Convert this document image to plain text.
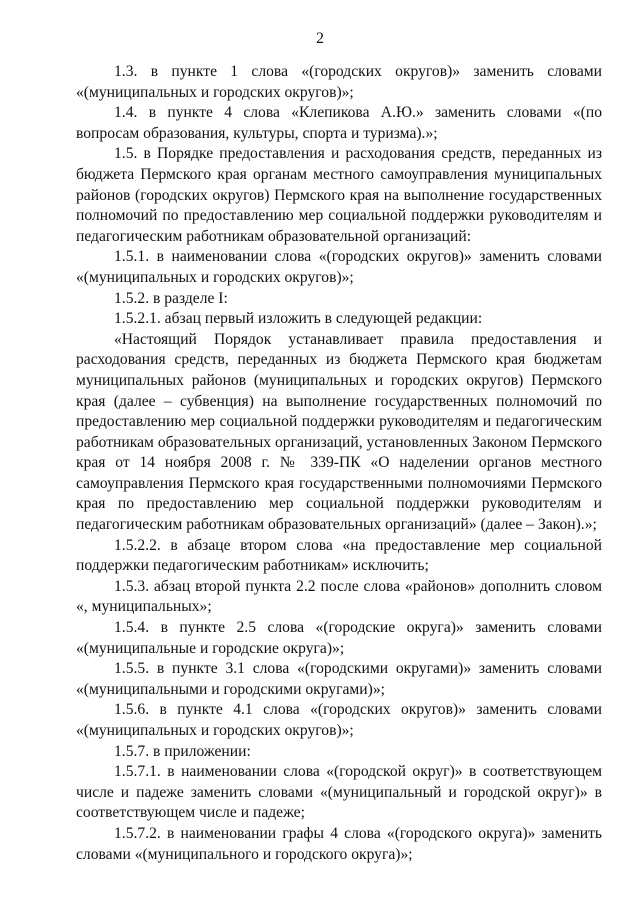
2

1.3. в пункте 1 слова «(городских округов)» заменить словами «(муниципальных и городских округов)»;

1.4. в пункте 4 слова «Клепикова А.Ю.» заменить словами «(по вопросам образования, культуры, спорта и туризма).»;

1.5. в Порядке предоставления и расходования средств, переданных из бюджета Пермского края органам местного самоуправления муниципальных районов (городских округов) Пермского края на выполнение государственных полномочий по предоставлению мер социальной поддержки руководителям и педагогическим работникам образовательной организаций:

1.5.1. в наименовании слова «(городских округов)» заменить словами «(муниципальных и городских округов)»;

1.5.2. в разделе I:

1.5.2.1. абзац первый изложить в следующей редакции:

«Настоящий Порядок устанавливает правила предоставления и расходования средств, переданных из бюджета Пермского края бюджетам муниципальных районов (муниципальных и городских округов) Пермского края (далее – субвенция) на выполнение государственных полномочий по предоставлению мер социальной поддержки руководителям и педагогическим работникам образовательных организаций, установленных Законом Пермского края от 14 ноября 2008 г. № 339-ПК «О наделении органов местного самоуправления Пермского края государственными полномочиями Пермского края по предоставлению мер социальной поддержки руководителям и педагогическим работникам образовательных организаций» (далее – Закон).»;

1.5.2.2. в абзаце втором слова «на предоставление мер социальной поддержки педагогическим работникам» исключить;

1.5.3. абзац второй пункта 2.2 после слова «районов» дополнить словом «, муниципальных»;

1.5.4. в пункте 2.5 слова «(городские округа)» заменить словами «(муниципальные и городские округа)»;

1.5.5. в пункте 3.1 слова «(городскими округами)» заменить словами «(муниципальными и городскими округами)»;

1.5.6. в пункте 4.1 слова «(городских округов)» заменить словами «(муниципальных и городских округов)»;

1.5.7. в приложении:

1.5.7.1. в наименовании слова «(городской округ)» в соответствующем числе и падеже заменить словами «(муниципальный и городской округ)» в соответствующем числе и падеже;

1.5.7.2. в наименовании графы 4 слова «(городского округа)» заменить словами «(муниципального и городского округа)»;
